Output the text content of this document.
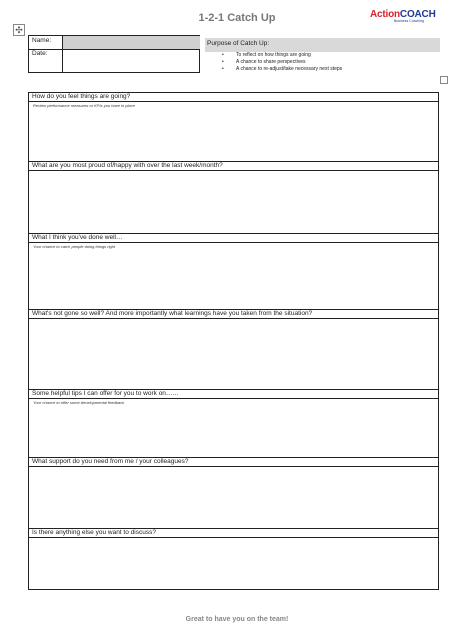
✣
1-2-1 Catch Up	ActionCOACH
Business Coaching
Name:
Date:
Purpose of Catch Up:
• To reflect on how things are going
• A chance to share perspectives
• A chance to re-adjust/take necessary next steps
How do you feel things are going?
Review performance measures or KPIs you have in place
What are you most proud of/happy with over the last week/month?
What I think you've done well…
Your chance to catch people doing things right
What's not gone so well? And more importantly what learnings have you taken from the situation?
Some helpful tips I can offer for you to work on……
Your chance to offer some developmental feedback
What support do you need from me / your colleagues?
Is there anything else you want to discuss?
Great to have you on the team!
